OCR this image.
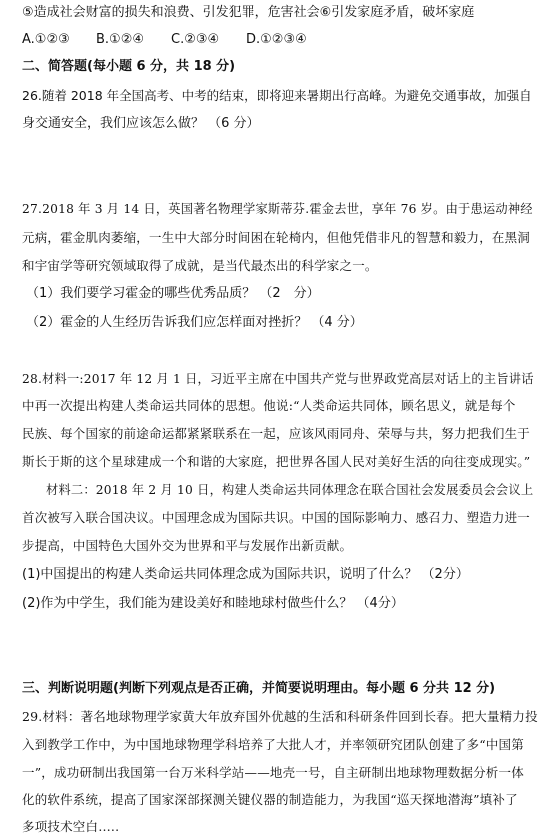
⑤造成社会财富的损失和浪费、引发犯罪，危害社会⑥引发家庭矛盾，破坏家庭
A.①②③ B.①②④ C.②③④ D.①②③④
二、简答题(每小题 6 分，共 18 分)
26.随着 2018 年全国高考、中考的结束，即将迎来暑期出行高峰。为避免交通事故，加强自
身交通安全，我们应该怎么做？ （6 分）
27.2018 年 3 月 14 日，英国著名物理学家斯蒂芬.霍金去世，享年 76 岁。由于患运动神经
元病，霍金肌肉萎缩，一生中大部分时间困在轮椅内，但他凭借非凡的智慧和毅力，在黑洞
和宇宙学等研究领域取得了成就，是当代最杰出的科学家之一。
（1）我们要学习霍金的哪些优秀品质？ （2　分）
（2）霍金的人生经历告诉我们应怎样面对挫折？ （4 分）
28.材料一:2017 年 12 月 1 日，习近平主席在中国共产党与世界政党高层对话上的主旨讲话
中再一次提出构建人类命运共同体的思想。他说:“人类命运共同体，顾名思义，就是每个
民族、每个国家的前途命运都紧紧联系在一起，应该风雨同舟、荣辱与共，努力把我们生于
斯长于斯的这个星球建成一个和谐的大家庭，把世界各国人民对美好生活的向往变成现实。”
材料二：2018 年 2 月 10 日，构建人类命运共同体理念在联合国社会发展委员会会议上
首次被写入联合国决议。中国理念成为国际共识。中国的国际影响力、感召力、塑造力进一
步提高，中国特色大国外交为世界和平与发展作出新贡献。
(1)中国提出的构建人类命运共同体理念成为国际共识，说明了什么？ （2分）
(2)作为中学生，我们能为建设美好和睦地球村做些什么？ （4分）
三、判断说明题(判断下列观点是否正确，并简要说明理由。每小题 6 分共 12 分)
29.材料：著名地球物理学家黄大年放弃国外优越的生活和科研条件回到长春。把大量精力投
入到教学工作中，为中国地球物理学科培养了大批人才，并率领研究团队创建了多“中国第
一”，成功研制出我国第一台万米科学站——地壳一号，自主研制出地球物理数据分析一体
化的软件系统，提高了国家深部探测关键仪器的制造能力，为我国“巡天探地潜海”填补了
多项技术空白…..
